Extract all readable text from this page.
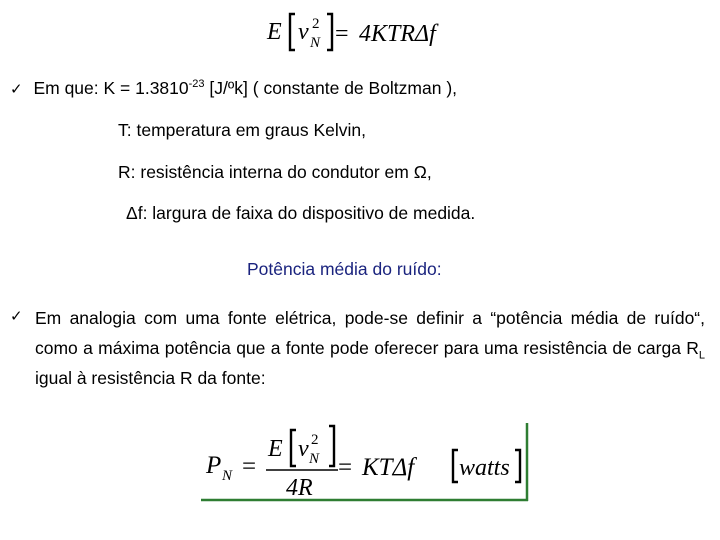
E v 2
N = 4KTRΔf
✓ Em que: $K = 1.3810^{-23}$ [J/ºk] ( constante de Boltzman ),
T: temperatura em graus Kelvin,
R: resistência interna do condutor em Ω,
Δf: largura de faixa do dispositivo de medida.
Potência média do ruído:
✓ Em analogia com uma fonte elétrica, pode-se definir a “potência média de ruído“, como a máxima potência que a fonte pode oferecer para uma resistência de carga $R_L$ igual à resistência R da fonte:
P N =
E v 2
N
4R
= KTΔf watts
